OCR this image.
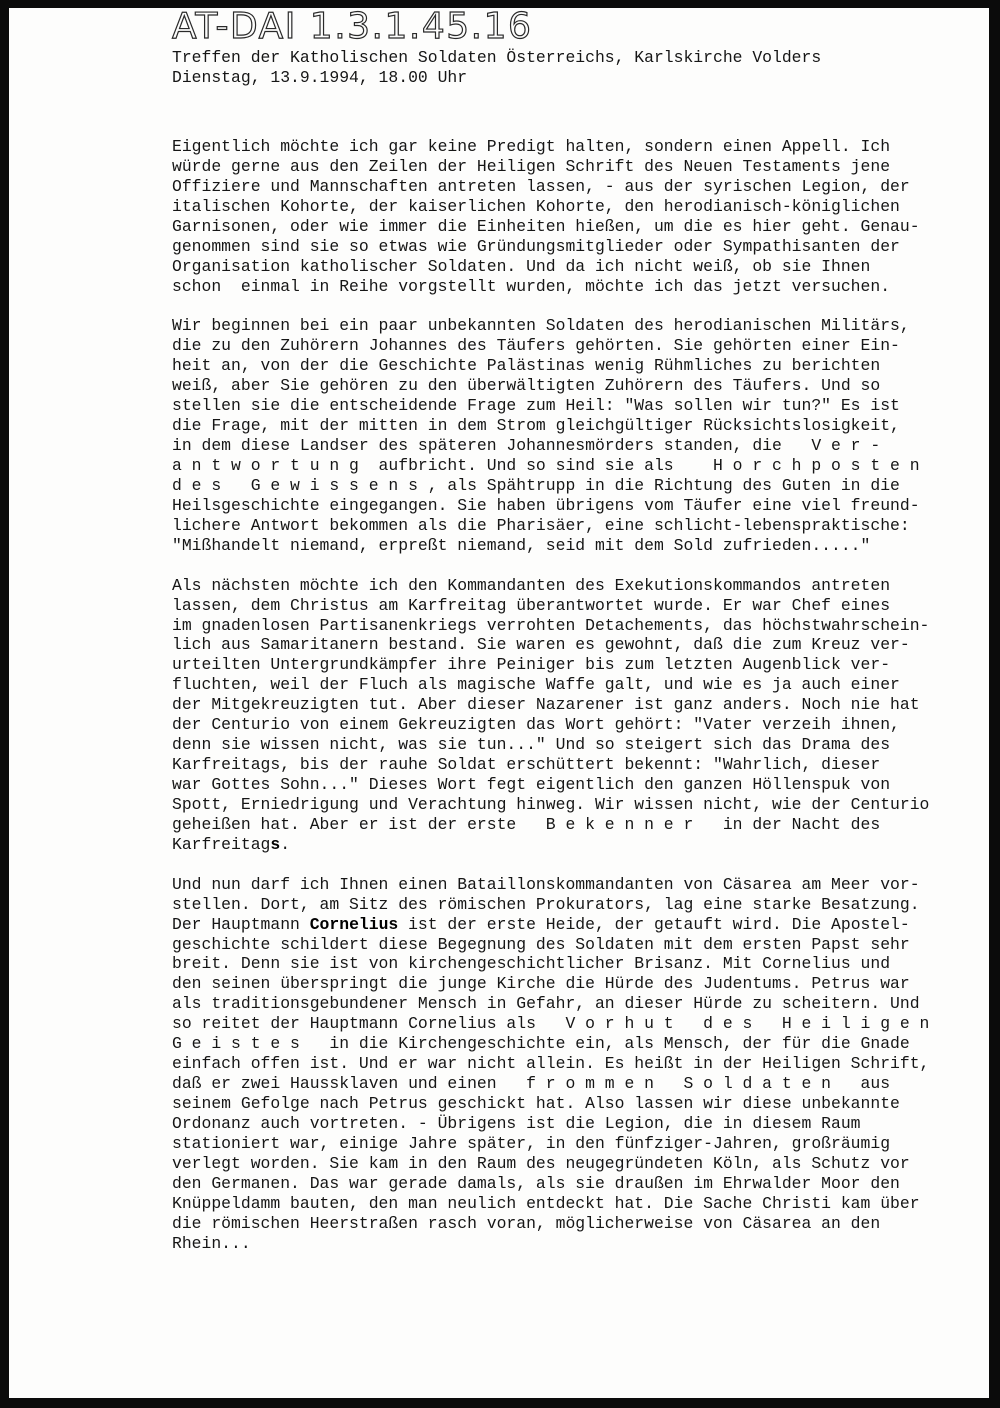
AT-DAI 1.3.1.45.16
Treffen der Katholischen Soldaten Österreichs, Karlskirche Volders
Dienstag, 13.9.1994, 18.00 Uhr
Eigentlich möchte ich gar keine Predigt halten, sondern einen Appell. Ich
würde gerne aus den Zeilen der Heiligen Schrift des Neuen Testaments jene
Offiziere und Mannschaften antreten lassen, - aus der syrischen Legion, der
italischen Kohorte, der kaiserlichen Kohorte, den herodianisch-königlichen
Garnisonen, oder wie immer die Einheiten hießen, um die es hier geht. Genau-
genommen sind sie so etwas wie Gründungsmitglieder oder Sympathisanten der
Organisation katholischer Soldaten. Und da ich nicht weiß, ob sie Ihnen
schon  einmal in Reihe vorgstellt wurden, möchte ich das jetzt versuchen.
Wir beginnen bei ein paar unbekannten Soldaten des herodianischen Militärs,
die zu den Zuhörern Johannes des Täufers gehörten. Sie gehörten einer Ein-
heit an, von der die Geschichte Palästinas wenig Rühmliches zu berichten
weiß, aber Sie gehören zu den überwältigten Zuhörern des Täufers. Und so
stellen sie die entscheidende Frage zum Heil: "Was sollen wir tun?" Es ist
die Frage, mit der mitten in dem Strom gleichgültiger Rücksichtslosigkeit,
in dem diese Landser des späteren Johannesmörders standen, die   V e r -
a n t w o r t u n g  aufbricht. Und so sind sie als    H o r c h p o s t e n
d e s   G e w i s s e n s , als Spähtrupp in die Richtung des Guten in die
Heilsgeschichte eingegangen. Sie haben übrigens vom Täufer eine viel freund-
lichere Antwort bekommen als die Pharisäer, eine schlicht-lebenspraktische:
"Mißhandelt niemand, erpreßt niemand, seid mit dem Sold zufrieden....."
Als nächsten möchte ich den Kommandanten des Exekutionskommandos antreten
lassen, dem Christus am Karfreitag überantwortet wurde. Er war Chef eines
im gnadenlosen Partisanenkriegs verrohten Detachements, das höchstwahrschein-
lich aus Samaritanern bestand. Sie waren es gewohnt, daß die zum Kreuz ver-
urteilten Untergrundkämpfer ihre Peiniger bis zum letzten Augenblick ver-
fluchten, weil der Fluch als magische Waffe galt, und wie es ja auch einer
der Mitgekreuzigten tut. Aber dieser Nazarener ist ganz anders. Noch nie hat
der Centurio von einem Gekreuzigten das Wort gehört: "Vater verzeih ihnen,
denn sie wissen nicht, was sie tun..." Und so steigert sich das Drama des
Karfreitags, bis der rauhe Soldat erschüttert bekennt: "Wahrlich, dieser
war Gottes Sohn..." Dieses Wort fegt eigentlich den ganzen Höllenspuk von
Spott, Erniedrigung und Verachtung hinweg. Wir wissen nicht, wie der Centurio
geheißen hat. Aber er ist der erste   B e k e n n e r   in der Nacht des
Karfreitags.
Und nun darf ich Ihnen einen Bataillonskommandanten von Cäsarea am Meer vor-
stellen. Dort, am Sitz des römischen Prokurators, lag eine starke Besatzung.
Der Hauptmann Cornelius ist der erste Heide, der getauft wird. Die Apostel-
geschichte schildert diese Begegnung des Soldaten mit dem ersten Papst sehr
breit. Denn sie ist von kirchengeschichtlicher Brisanz. Mit Cornelius und
den seinen überspringt die junge Kirche die Hürde des Judentums. Petrus war
als traditionsgebundener Mensch in Gefahr, an dieser Hürde zu scheitern. Und
so reitet der Hauptmann Cornelius als   V o r h u t   d e s   H e i l i g e n
G e i s t e s   in die Kirchengeschichte ein, als Mensch, der für die Gnade
einfach offen ist. Und er war nicht allein. Es heißt in der Heiligen Schrift,
daß er zwei Haussklaven und einen   f r o m m e n   S o l d a t e n   aus
seinem Gefolge nach Petrus geschickt hat. Also lassen wir diese unbekannte
Ordonanz auch vortreten. - Übrigens ist die Legion, die in diesem Raum
stationiert war, einige Jahre später, in den fünfziger-Jahren, großräumig
verlegt worden. Sie kam in den Raum des neugegründeten Köln, als Schutz vor
den Germanen. Das war gerade damals, als sie draußen im Ehrwalder Moor den
Knüppeldamm bauten, den man neulich entdeckt hat. Die Sache Christi kam über
die römischen Heerstraßen rasch voran, möglicherweise von Cäsarea an den
Rhein...
